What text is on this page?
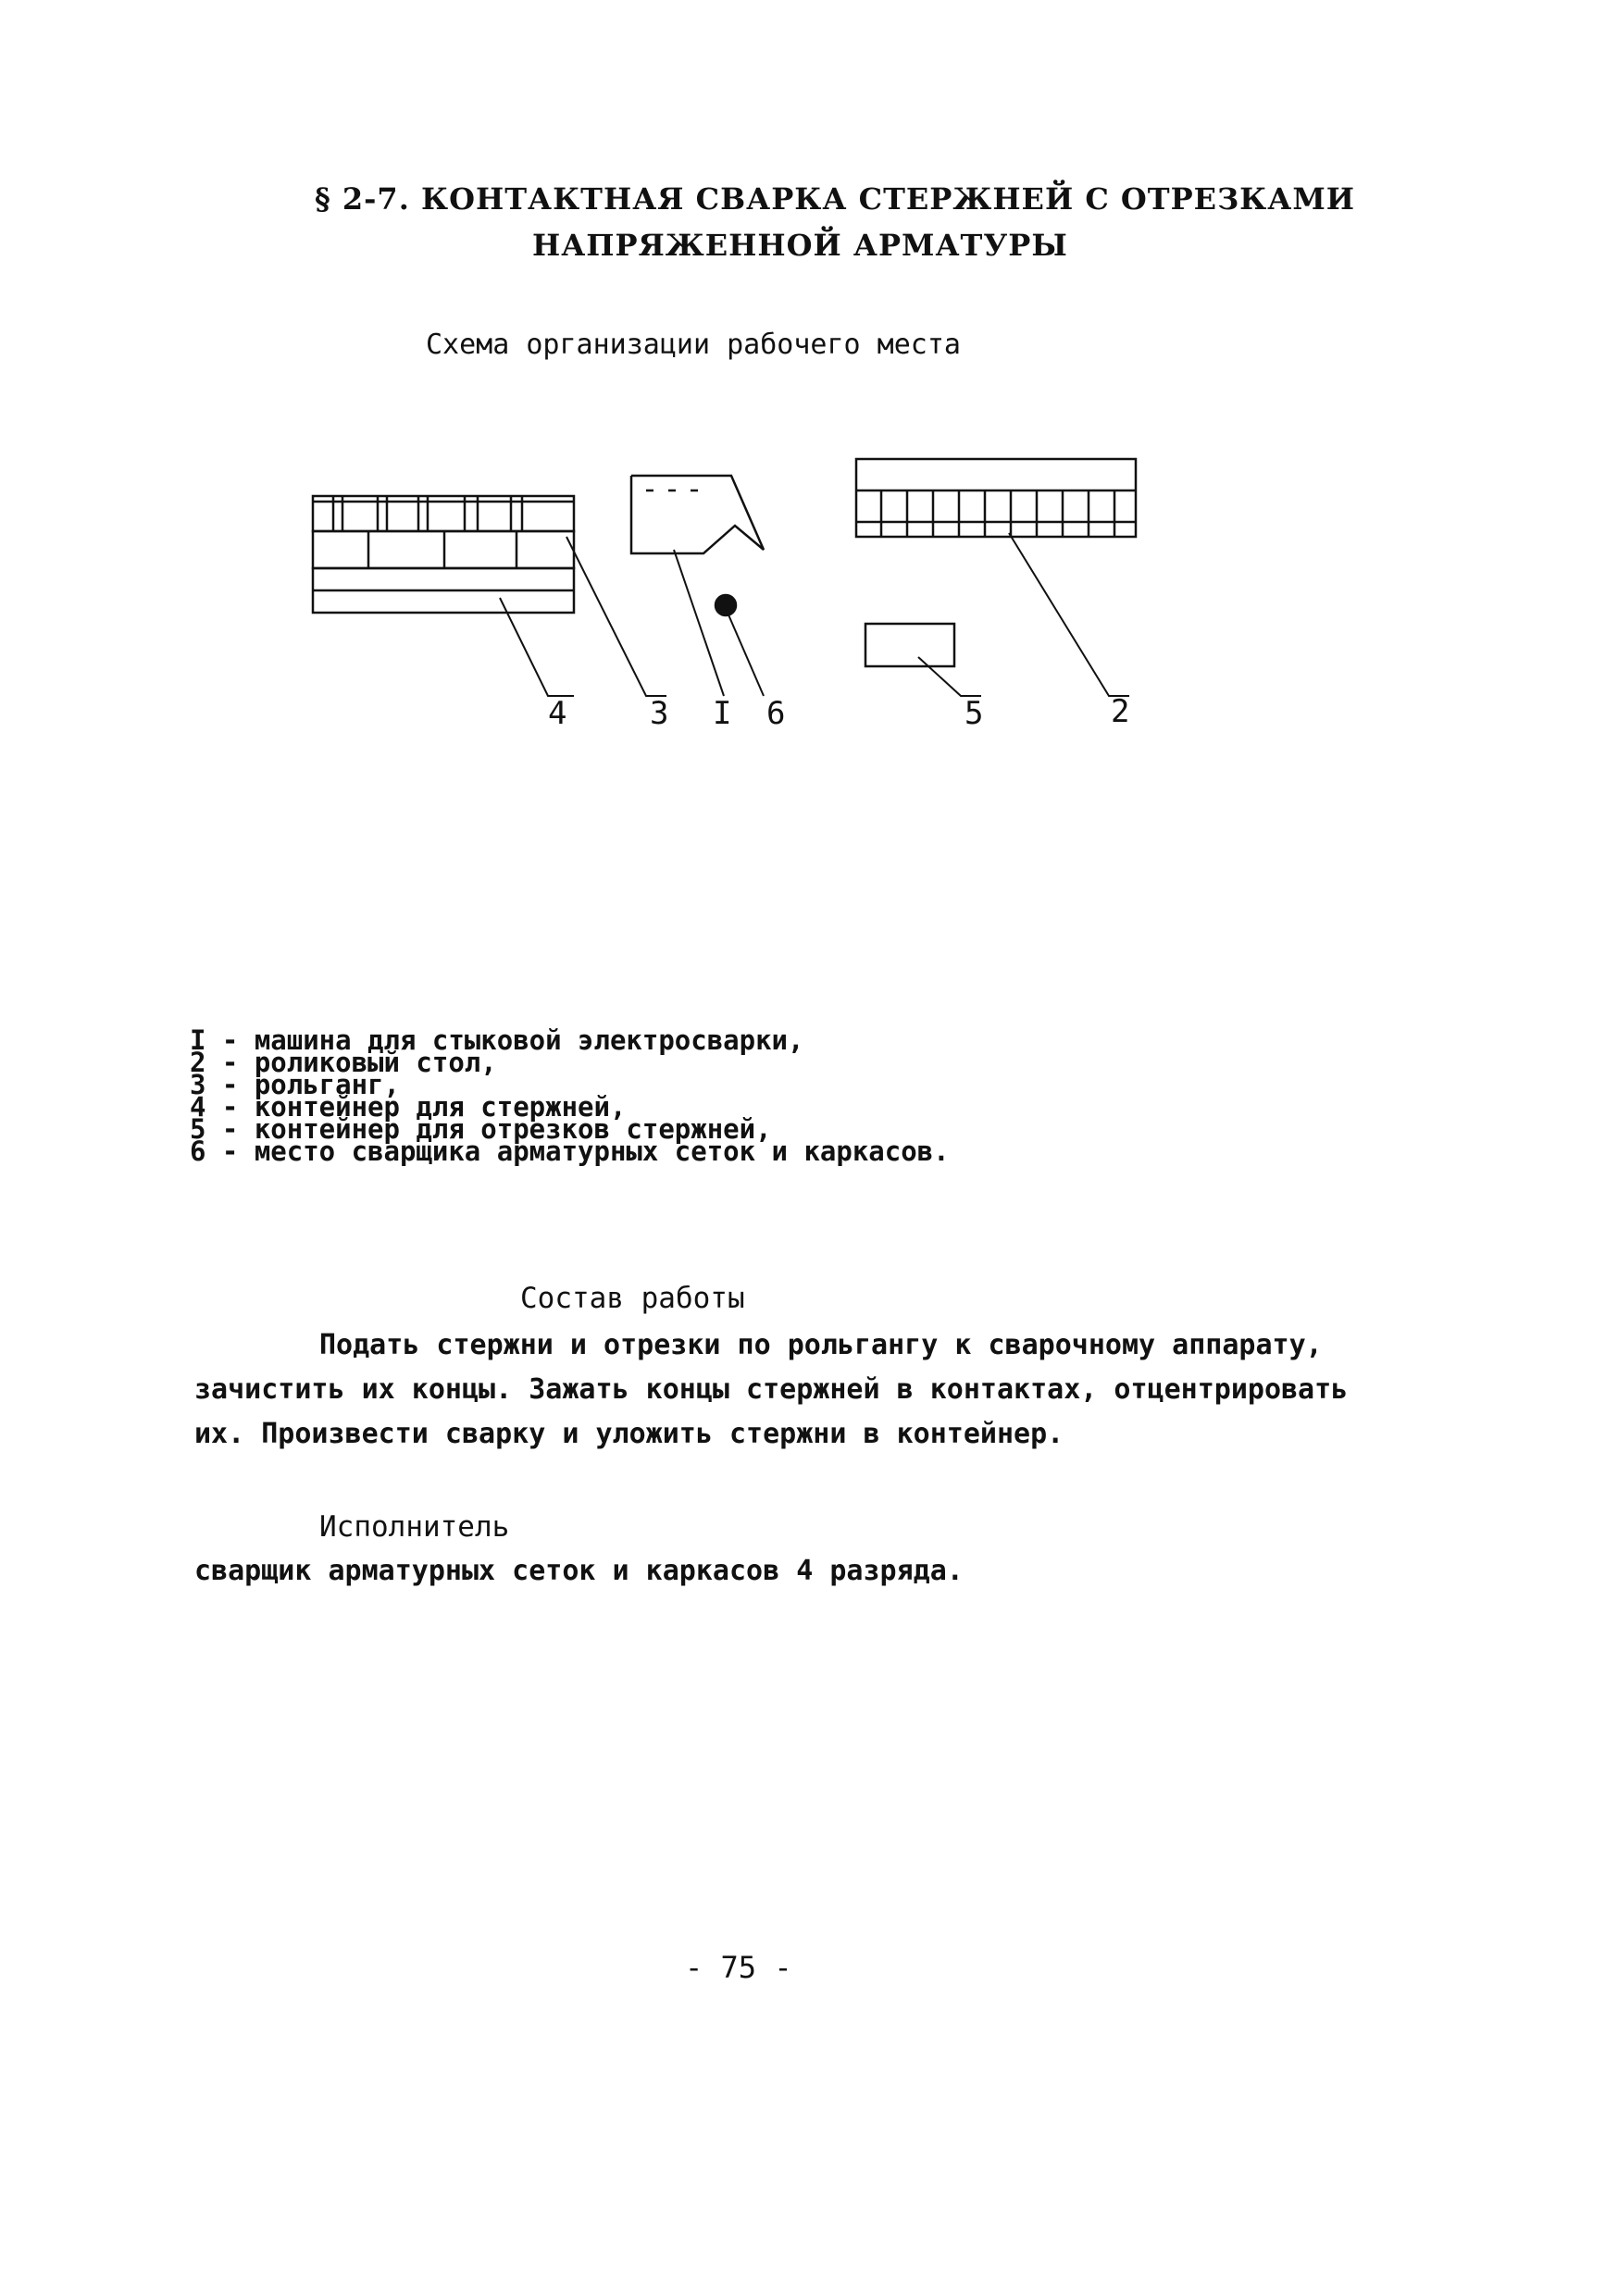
§ 2-7. КОНТАКТНАЯ СВАРКА СТЕРЖНЕЙ С ОТРЕЗКАМИ
НАПРЯЖЕННОЙ АРМАТУРЫ
Схема организации рабочего места
4	3 I 6	5	2
I - машина для стыковой электросварки,
2 - роликовый стол,
3 - рольганг,
4 - контейнер для стержней,
5 - контейнер для отрезков стержней,
6 - место сварщика арматурных сеток и каркасов.
Состав работы
Подать стержни и отрезки по рольгангу к сварочному аппарату, зачистить их концы. Зажать концы стержней в контактах, отцентрировать их. Произвести сварку и уложить стержни в контейнер.
Исполнитель
сварщик арматурных сеток и каркасов 4 разряда.
- 75 -
